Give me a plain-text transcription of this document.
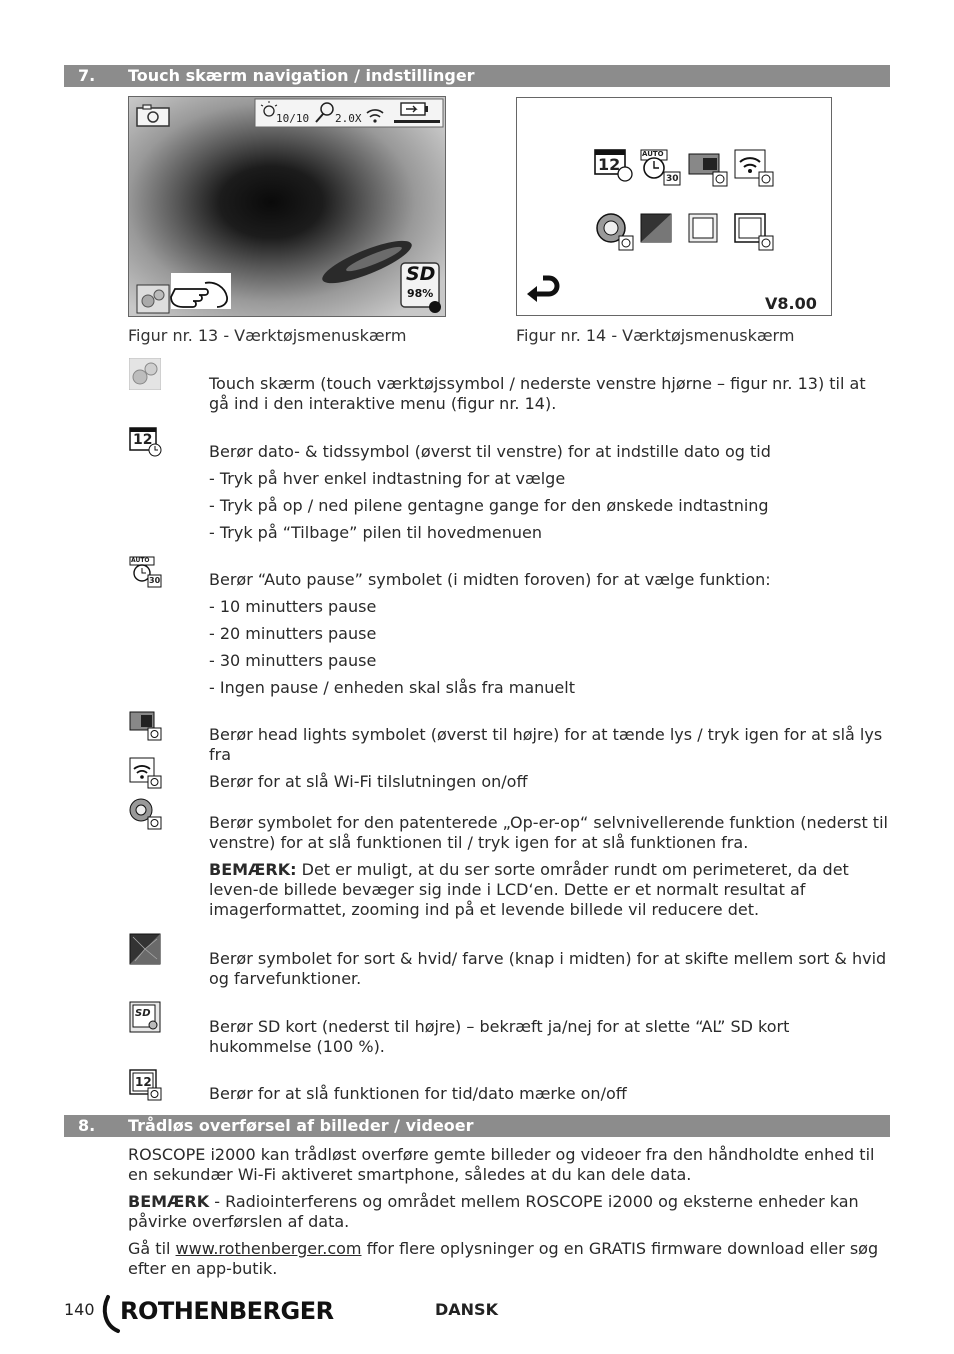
7. Touch skærm navigation / indstillinger
10/10 2.0X
SD
98%
Figur nr. 13 - Værktøjsmenuskærm
12
AUTO
30
V8.00
Figur nr. 14 - Værktøjsmenuskærm

Touch skærm (touch værktøjssymbol / nederste venstre hjørne – figur nr. 13) til at gå ind i den interaktive menu (figur nr. 14).

12

Berør dato- & tidssymbol (øverst til venstre) for at indstille dato og tid

- Tryk på hver enkel indtastning for at vælge

- Tryk på op / ned pilene gentagne gange for den ønskede indtastning

- Tryk på “Tilbage” pilen til hovedmenuen

AUTO
30	Berør “Auto pause” symbolet (i midten foroven) for at vælge funktion:

- 10 minutters pause

- 20 minutters pause

- 30 minutters pause

- Ingen pause / enheden skal slås fra manuelt

Berør head lights symbolet (øverst til højre) for at tænde lys / tryk igen for at slå lys fra

Berør for at slå Wi-Fi tilslutningen on/off

Berør symbolet for den patenterede „Op-er-op“ selvnivellerende funktion (nederst til venstre) for at slå funktionen til / tryk igen for at slå funktionen fra.

BEMÆRK: Det er muligt, at du ser sorte områder rundt om perimeteret, da det leven-de billede bevæger sig inde i LCD‘en. Dette er et normalt resultat af imagerformattet, zooming ind på et levende billede vil reducere det.

Berør symbolet for sort & hvid/ farve (knap i midten) for at skifte mellem sort & hvid og farvefunktioner.

SD

Berør SD kort (nederst til højre) – bekræft ja/nej for at slette “AL” SD kort hukommelse (100 %).

12

Berør for at slå funktionen for tid/dato mærke on/off

8. Trådløs overførsel af billeder / videoer

ROSCOPE i2000 kan trådløst overføre gemte billeder og videoer fra den håndholdte enhed til en sekundær Wi-Fi aktiveret smartphone, således at du kan dele data.

BEMÆRK - Radiointerferens og området mellem ROSCOPE i2000 og eksterne enheder kan påvirke overførslen af data.

Gå til www.rothenberger.com ffor flere oplysninger og en GRATIS firmware download eller søg efter en app-butik.

140 ROTHENBERGER	DANSK
